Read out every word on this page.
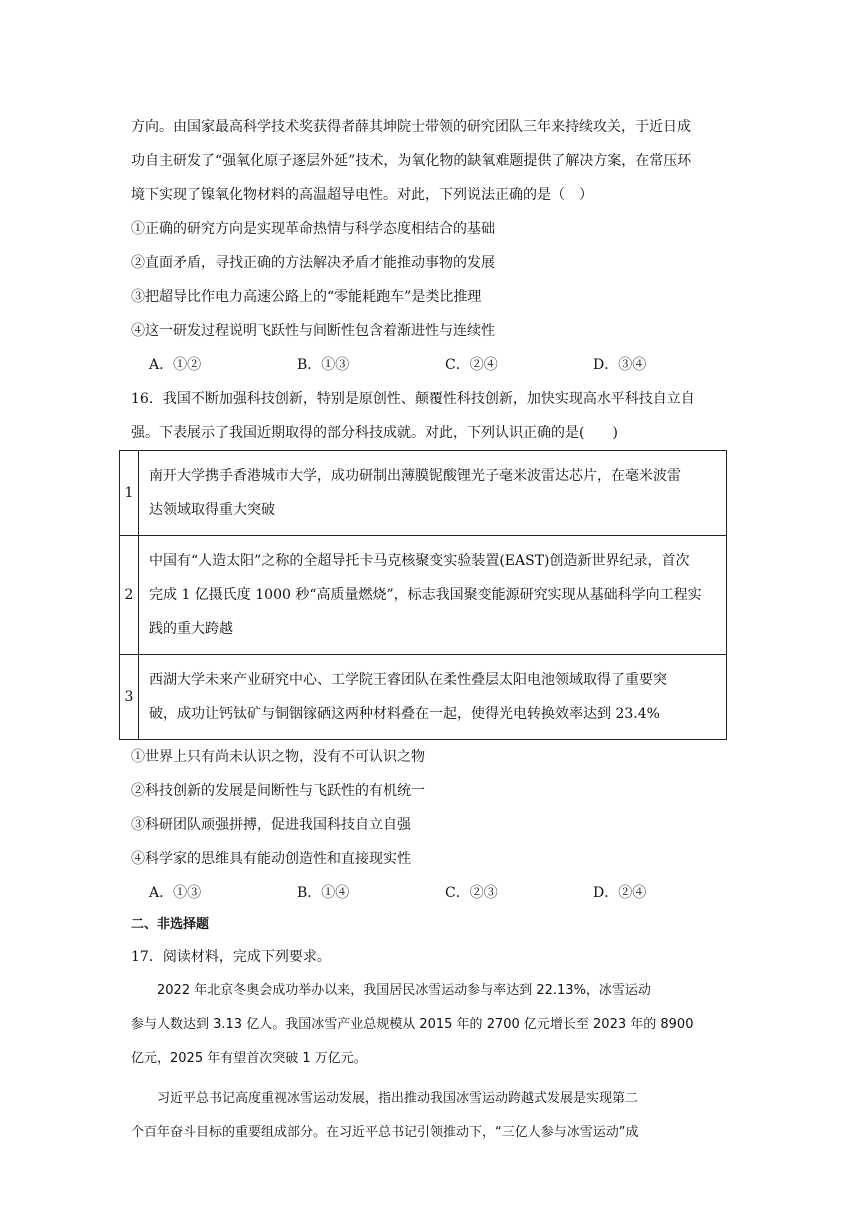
方向。由国家最高科学技术奖获得者薛其坤院士带领的研究团队三年来持续攻关，于近日成
功自主研发了“强氧化原子逐层外延”技术，为氧化物的缺氧难题提供了解决方案，在常压环
境下实现了镍氧化物材料的高温超导电性。对此，下列说法正确的是（　）
①正确的研究方向是实现革命热情与科学态度相结合的基础
②直面矛盾，寻找正确的方法解决矛盾才能推动事物的发展
③把超导比作电力高速公路上的“零能耗跑车”是类比推理
④这一研发过程说明飞跃性与间断性包含着渐进性与连续性
A．①②	B．①③	C．②④	D．③④
16．我国不断加强科技创新，特别是原创性、颠覆性科技创新，加快实现高水平科技自立自
强。下表展示了我国近期取得的部分科技成就。对此，下列认识正确的是(　　)
1	南开大学携手香港城市大学，成功研制出薄膜铌酸锂光子毫米波雷达芯片，在毫米波雷
达领域取得重大突破

2	中国有“人造太阳”之称的全超导托卡马克核聚变实验装置(EAST)创造新世界纪录，首次
完成 1 亿摄氏度 1000 秒“高质量燃烧”，标志我国聚变能源研究实现从基础科学向工程实
践的重大跨越

3	西湖大学未来产业研究中心、工学院王睿团队在柔性叠层太阳电池领域取得了重要突
破，成功让钙钛矿与铜铟镓硒这两种材料叠在一起，使得光电转换效率达到 23.4%
①世界上只有尚未认识之物，没有不可认识之物
②科技创新的发展是间断性与飞跃性的有机统一
③科研团队顽强拼搏，促进我国科技自立自强
④科学家的思维具有能动创造性和直接现实性
A．①③	B．①④	C．②③	D．②④
二、非选择题
17．阅读材料，完成下列要求。
2022 年北京冬奥会成功举办以来，我国居民冰雪运动参与率达到 22.13%，冰雪运动
参与人数达到 3.13 亿人。我国冰雪产业总规模从 2015 年的 2700 亿元增长至 2023 年的 8900
亿元，2025 年有望首次突破 1 万亿元。
习近平总书记高度重视冰雪运动发展，指出推动我国冰雪运动跨越式发展是实现第二
个百年奋斗目标的重要组成部分。在习近平总书记引领推动下，“三亿人参与冰雪运动”成
